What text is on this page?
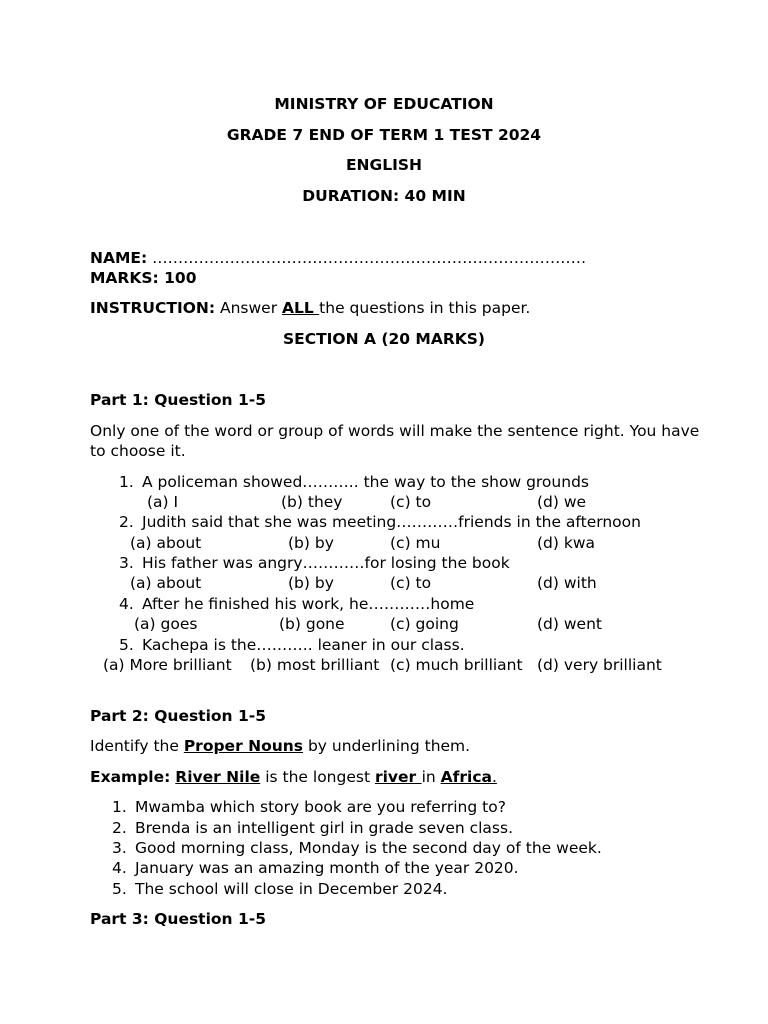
MINISTRY OF EDUCATION
GRADE 7 END OF TERM 1 TEST 2024
ENGLISH
DURATION: 40 MIN
NAME: …………………………………………………………………………
MARKS: 100
INSTRUCTION: Answer ALL the questions in this paper.
SECTION A (20 MARKS)
Part 1: Question 1-5
Only one of the word or group of words will make the sentence right. You have
to choose it.
1. A policeman showed……….. the way to the show grounds
(a) I	(b) they	(c) to	(d) we
2. Judith said that she was meeting…………friends in the afternoon
(a) about	(b) by	(c) mu	(d) kwa
3. His father was angry…………for losing the book
(a) about	(b) by	(c) to	(d) with
4. After he finished his work, he…………home
(a) goes	(b) gone	(c) going	(d) went
5. Kachepa is the……….. leaner in our class.
(a) More brilliant (b) most brilliant (c) much brilliant (d) very brilliant
Part 2: Question 1-5
Identify the Proper Nouns by underlining them.
Example: River Nile is the longest river in Africa.
1. Mwamba which story book are you referring to?
2. Brenda is an intelligent girl in grade seven class.
3. Good morning class, Monday is the second day of the week.
4. January was an amazing month of the year 2020.
5. The school will close in December 2024.
Part 3: Question 1-5
